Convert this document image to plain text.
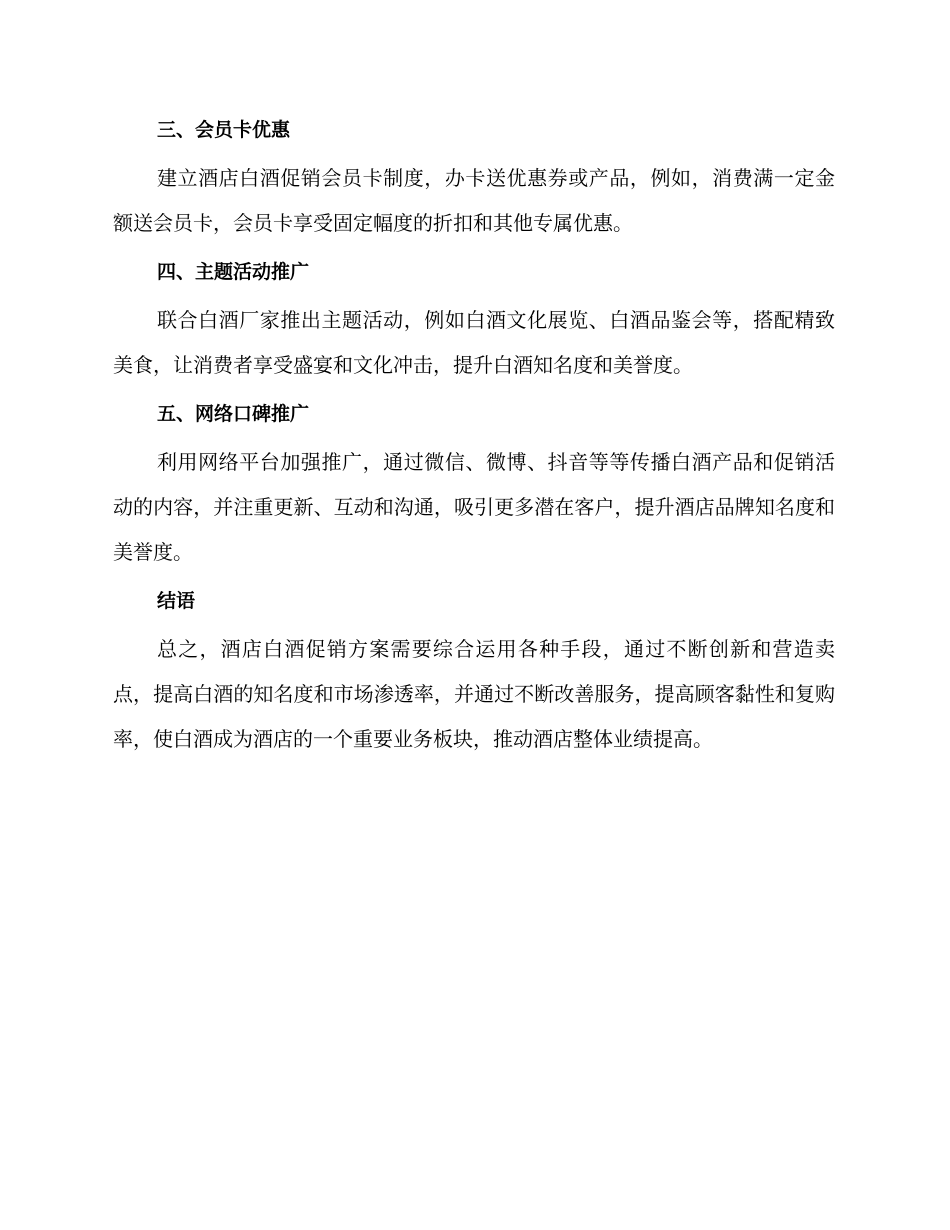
三、会员卡优惠
建立酒店白酒促销会员卡制度，办卡送优惠券或产品，例如，消费满一定金额送会员卡，会员卡享受固定幅度的折扣和其他专属优惠。
四、主题活动推广
联合白酒厂家推出主题活动，例如白酒文化展览、白酒品鉴会等，搭配精致美食，让消费者享受盛宴和文化冲击，提升白酒知名度和美誉度。
五、网络口碑推广
利用网络平台加强推广，通过微信、微博、抖音等等传播白酒产品和促销活动的内容，并注重更新、互动和沟通，吸引更多潜在客户，提升酒店品牌知名度和美誉度。
结语
总之，酒店白酒促销方案需要综合运用各种手段，通过不断创新和营造卖点，提高白酒的知名度和市场渗透率，并通过不断改善服务，提高顾客黏性和复购率，使白酒成为酒店的一个重要业务板块，推动酒店整体业绩提高。
